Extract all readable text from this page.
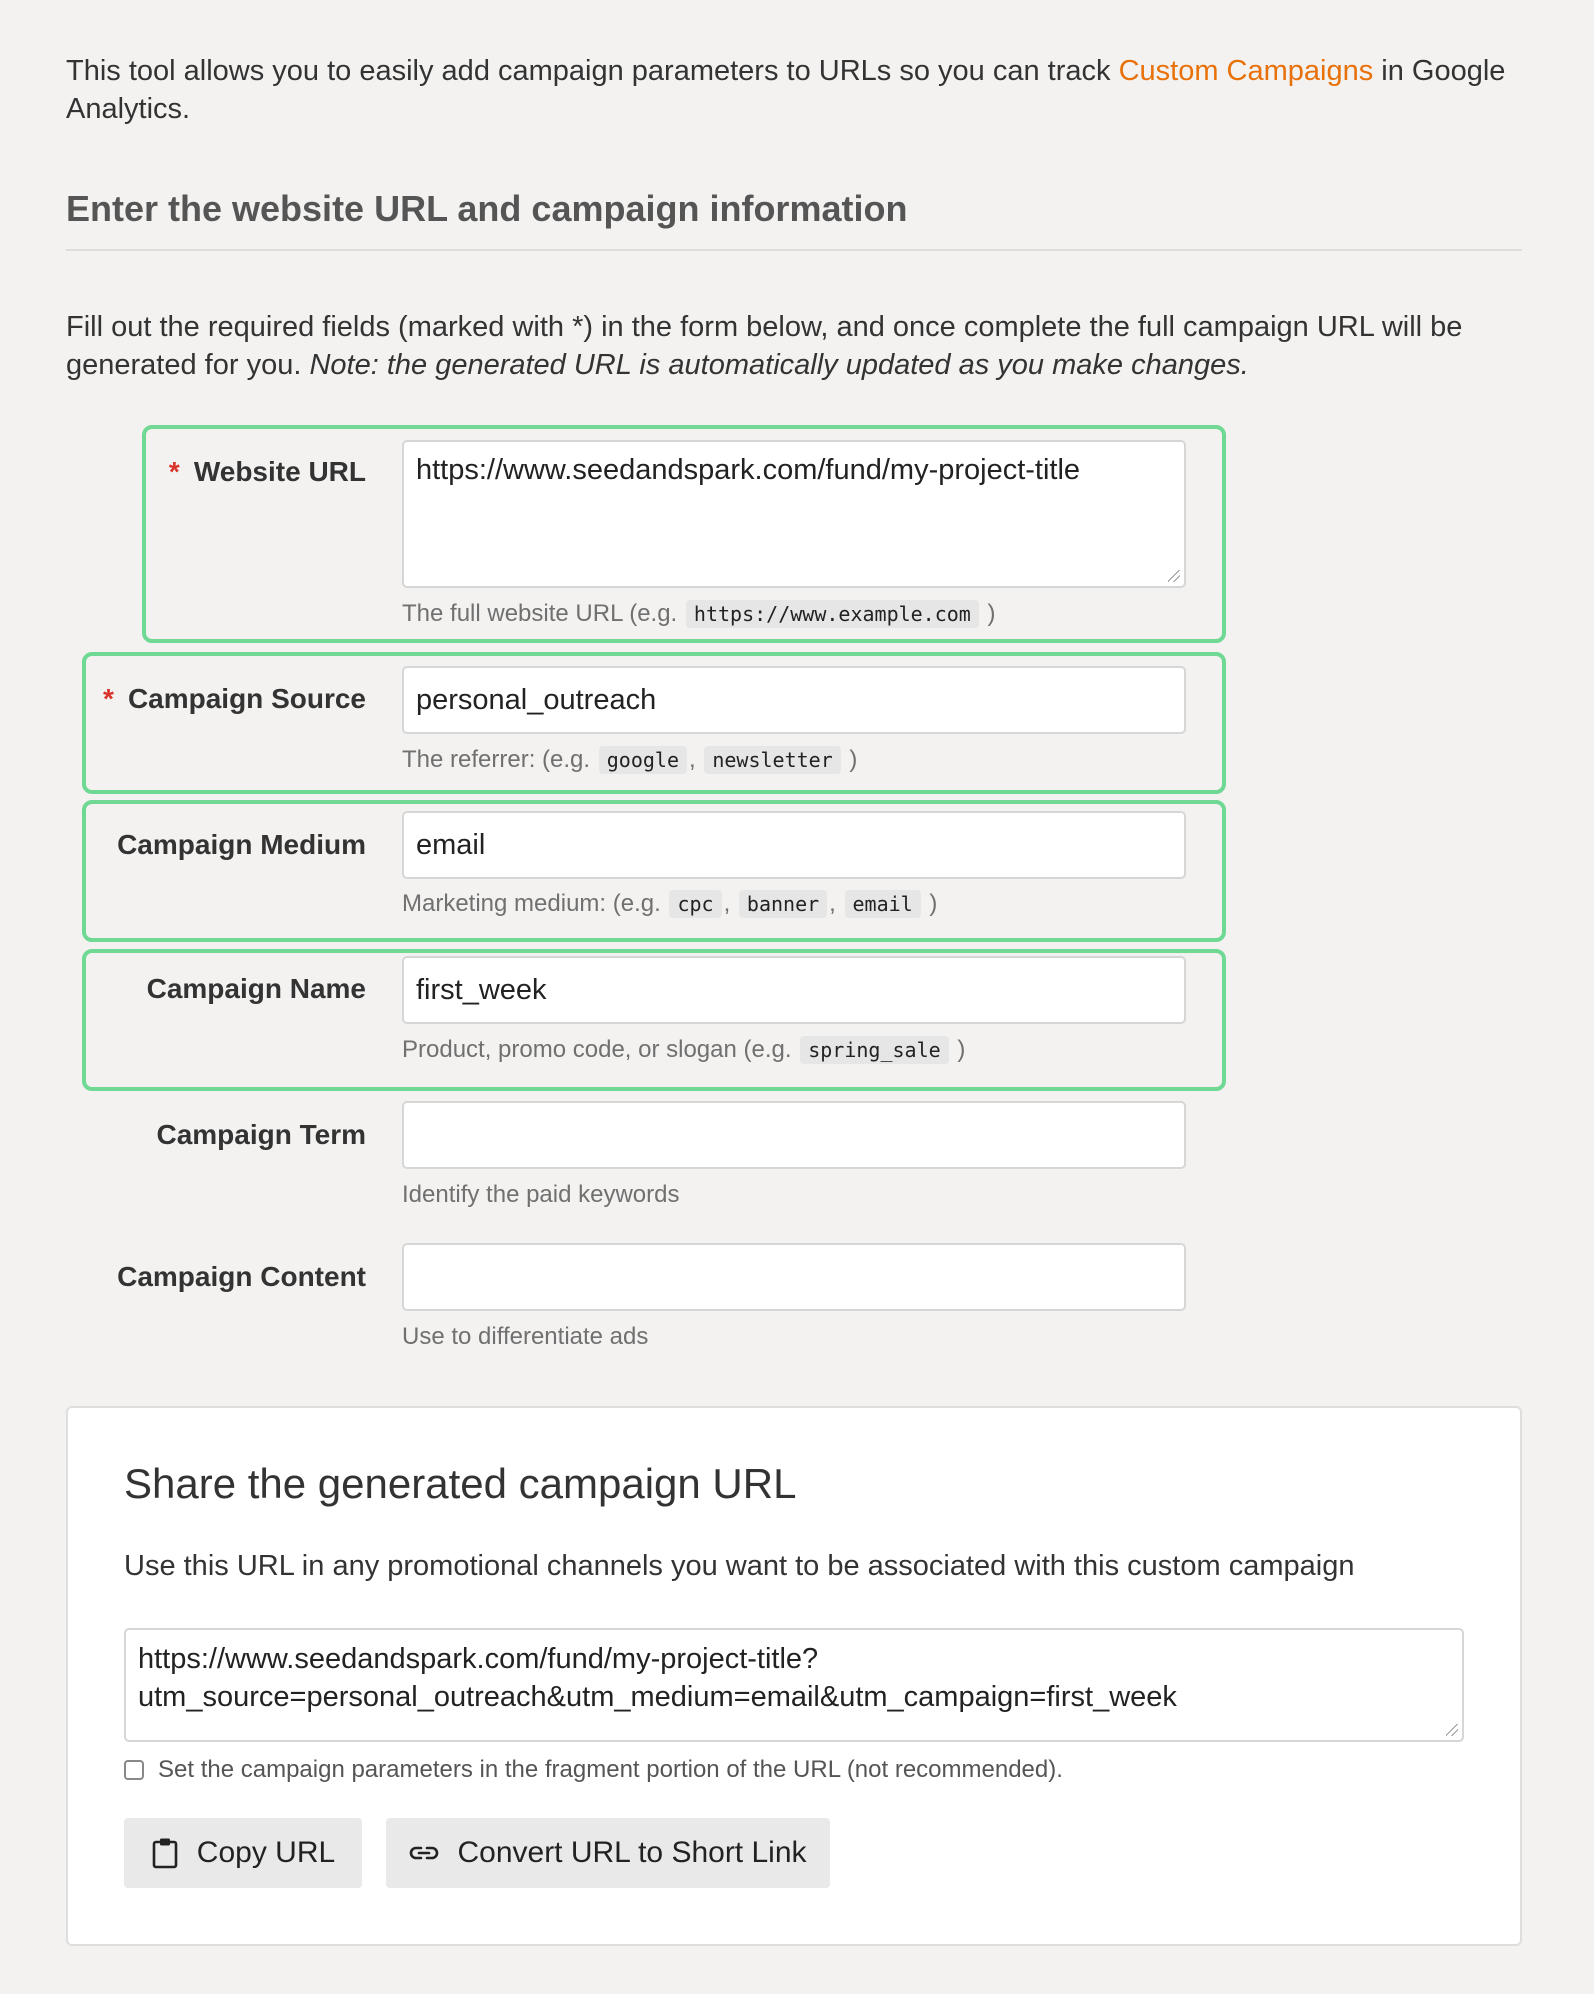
This tool allows you to easily add campaign parameters to URLs so you can track Custom Campaigns in Google Analytics.
Enter the website URL and campaign information
Fill out the required fields (marked with *) in the form below, and once complete the full campaign URL will be generated for you. Note: the generated URL is automatically updated as you make changes.
* Website URL https://www.seedandspark.com/fund/my-project-title
The full website URL (e.g.
https://www.example.com
)
* Campaign Source personal_outreach
The referrer: (e.g.
google , newsletter
)
Campaign Medium email
Marketing medium: (e.g.
cpc , banner , email
)
Campaign Name first_week
Product, promo code, or slogan (e.g.
spring_sale
)
Campaign Term
Identify the paid keywords
Campaign Content
Use to differentiate ads
Share the generated campaign URL
Use this URL in any promotional channels you want to be associated with this custom campaign
https://www.seedandspark.com/fund/my-project-title?
utm_source=personal_outreach&utm_medium=email&utm_campaign=first_week
Set the campaign parameters in the fragment portion of the URL (not recommended).
Copy URL	Convert URL to Short Link
